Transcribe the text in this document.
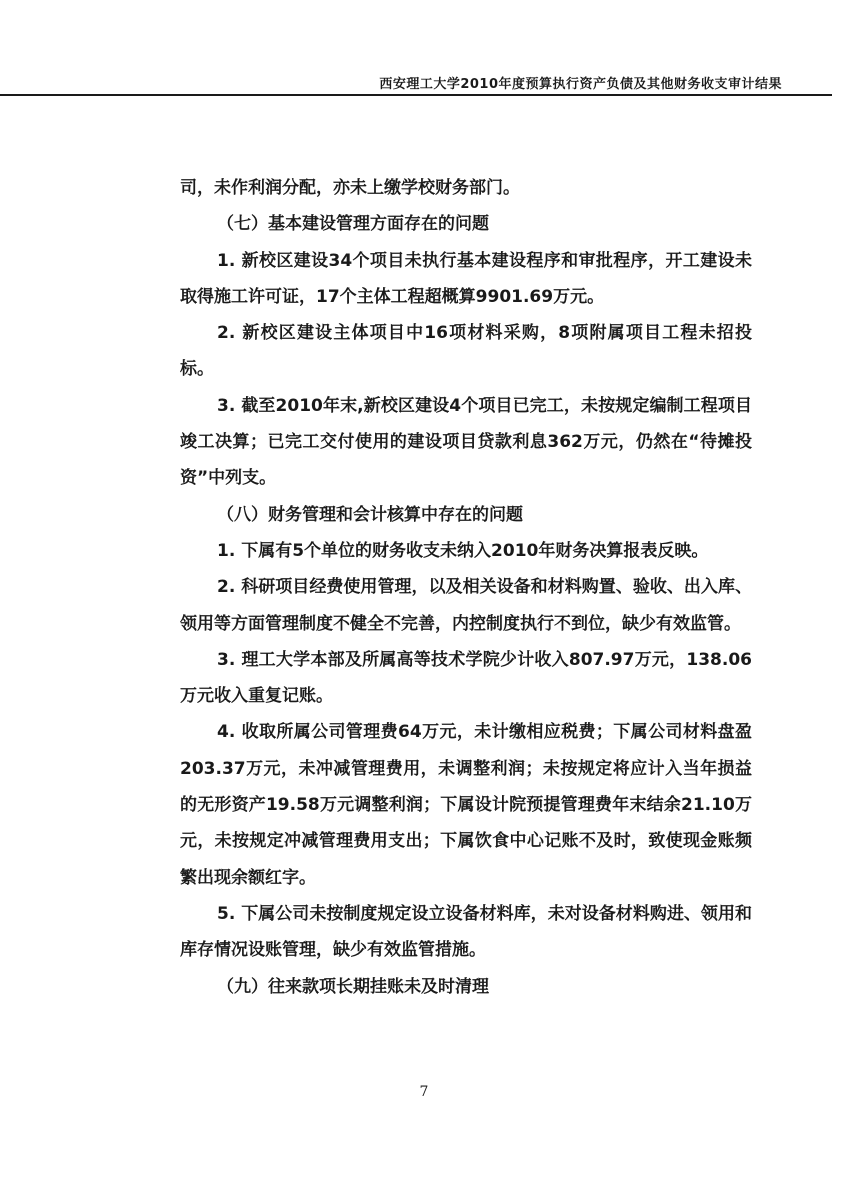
西安理工大学2010年度预算执行资产负债及其他财务收支审计结果

司，未作利润分配，亦未上缴学校财务部门。

（七）基本建设管理方面存在的问题

1. 新校区建设34个项目未执行基本建设程序和审批程序，开工建设未取得施工许可证，17个主体工程超概算9901.69万元。

2. 新校区建设主体项目中16项材料采购，8项附属项目工程未招投标。

3. 截至2010年末,新校区建设4个项目已完工，未按规定编制工程项目竣工决算；已完工交付使用的建设项目贷款利息362万元，仍然在“待摊投资”中列支。

（八）财务管理和会计核算中存在的问题

1. 下属有5个单位的财务收支未纳入2010年财务决算报表反映。

2. 科研项目经费使用管理，以及相关设备和材料购置、验收、出入库、领用等方面管理制度不健全不完善，内控制度执行不到位，缺少有效监管。

3. 理工大学本部及所属高等技术学院少计收入807.97万元，138.06万元收入重复记账。

4. 收取所属公司管理费64万元，未计缴相应税费；下属公司材料盘盈203.37万元，未冲减管理费用，未调整利润；未按规定将应计入当年损益的无形资产19.58万元调整利润；下属设计院预提管理费年末结余21.10万元，未按规定冲减管理费用支出；下属饮食中心记账不及时，致使现金账频繁出现余额红字。

5. 下属公司未按制度规定设立设备材料库，未对设备材料购进、领用和库存情况设账管理，缺少有效监管措施。

（九）往来款项长期挂账未及时清理

7
